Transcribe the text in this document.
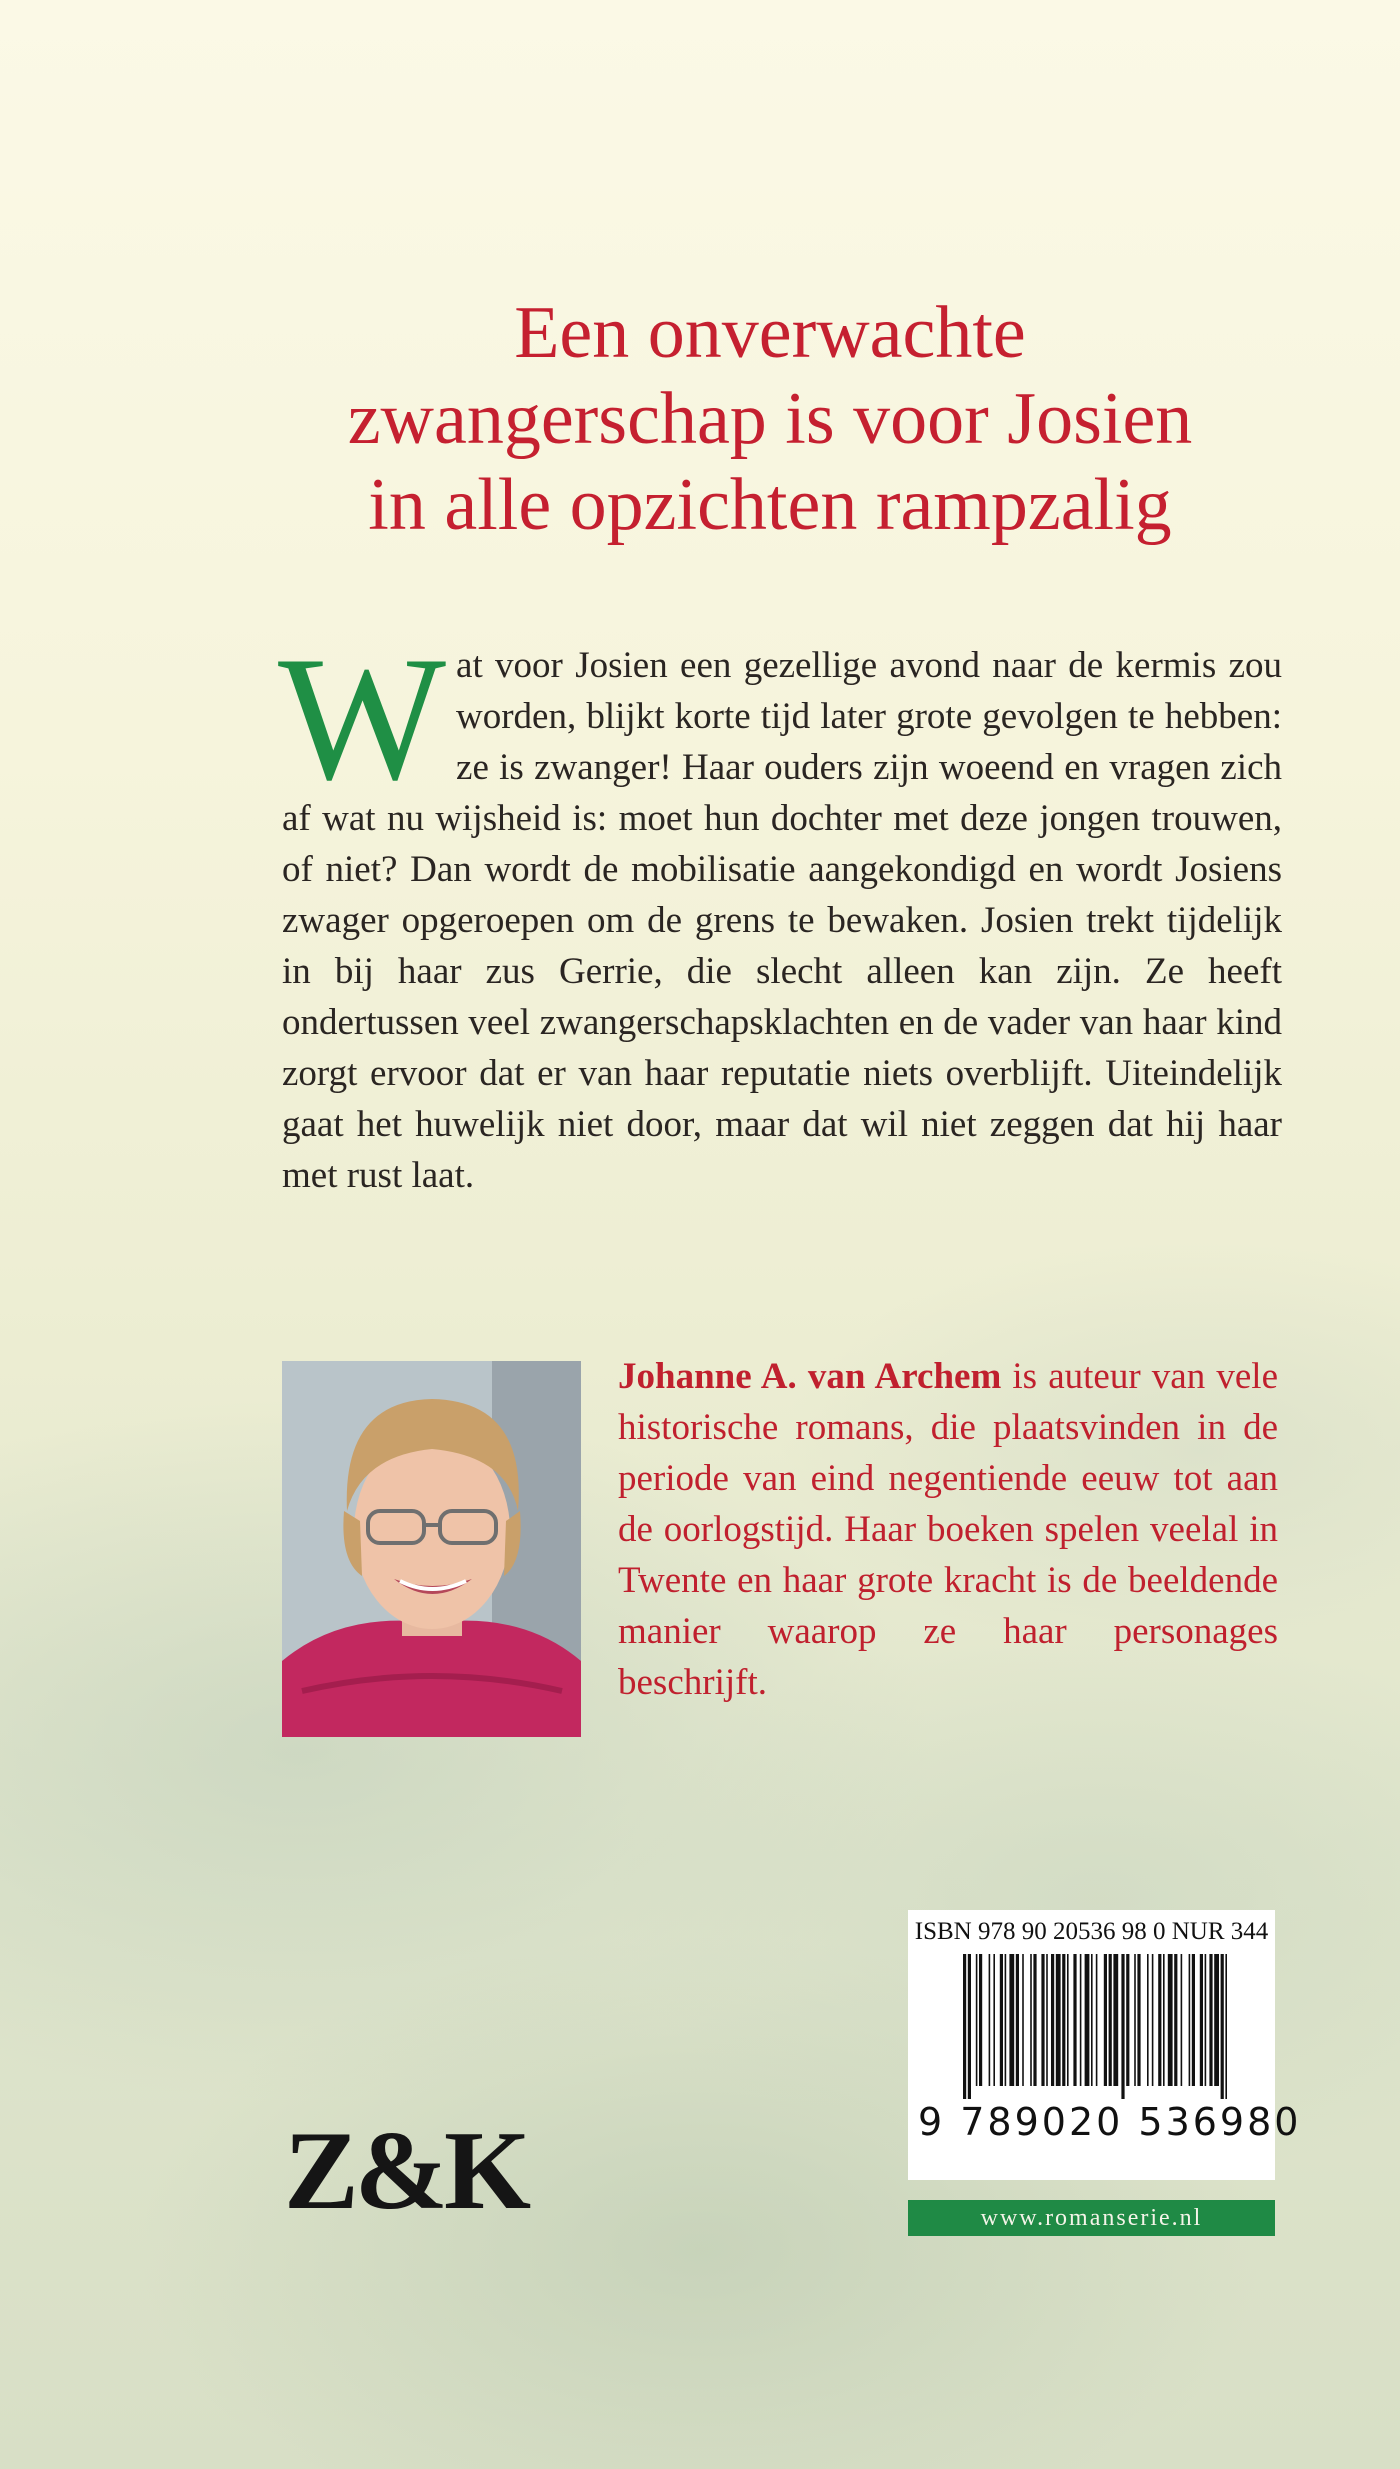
Een onverwachte
zwangerschap is voor Josien
in alle opzichten rampzalig

Wat voor Josien een gezellige avond naar de kermis zou worden, blijkt korte tijd later grote gevolgen te hebben: ze is zwanger! Haar ouders zijn woeend en vragen zich af wat nu wijsheid is: moet hun dochter met deze jongen trouwen, of niet? Dan wordt de mobilisatie aangekondigd en wordt Josiens zwager opgeroepen om de grens te bewaken. Josien trekt tijdelijk in bij haar zus Gerrie, die slecht alleen kan zijn. Ze heeft ondertussen veel zwangerschapsklachten en de vader van haar kind zorgt ervoor dat er van haar reputatie niets overblijft. Uiteindelijk gaat het huwelijk niet door, maar dat wil niet zeggen dat hij haar met rust laat.

Johanne A. van Archem is auteur van vele historische romans, die plaatsvinden in de periode van eind negentiende eeuw tot aan de oorlogstijd. Haar boeken spelen veelal in Twente en haar grote kracht is de beeldende manier waarop ze haar personages beschrijft.

Z&K
ISBN 978 90 20536 98 0 NUR 344
9 789020 536980
www.romanserie.nl
